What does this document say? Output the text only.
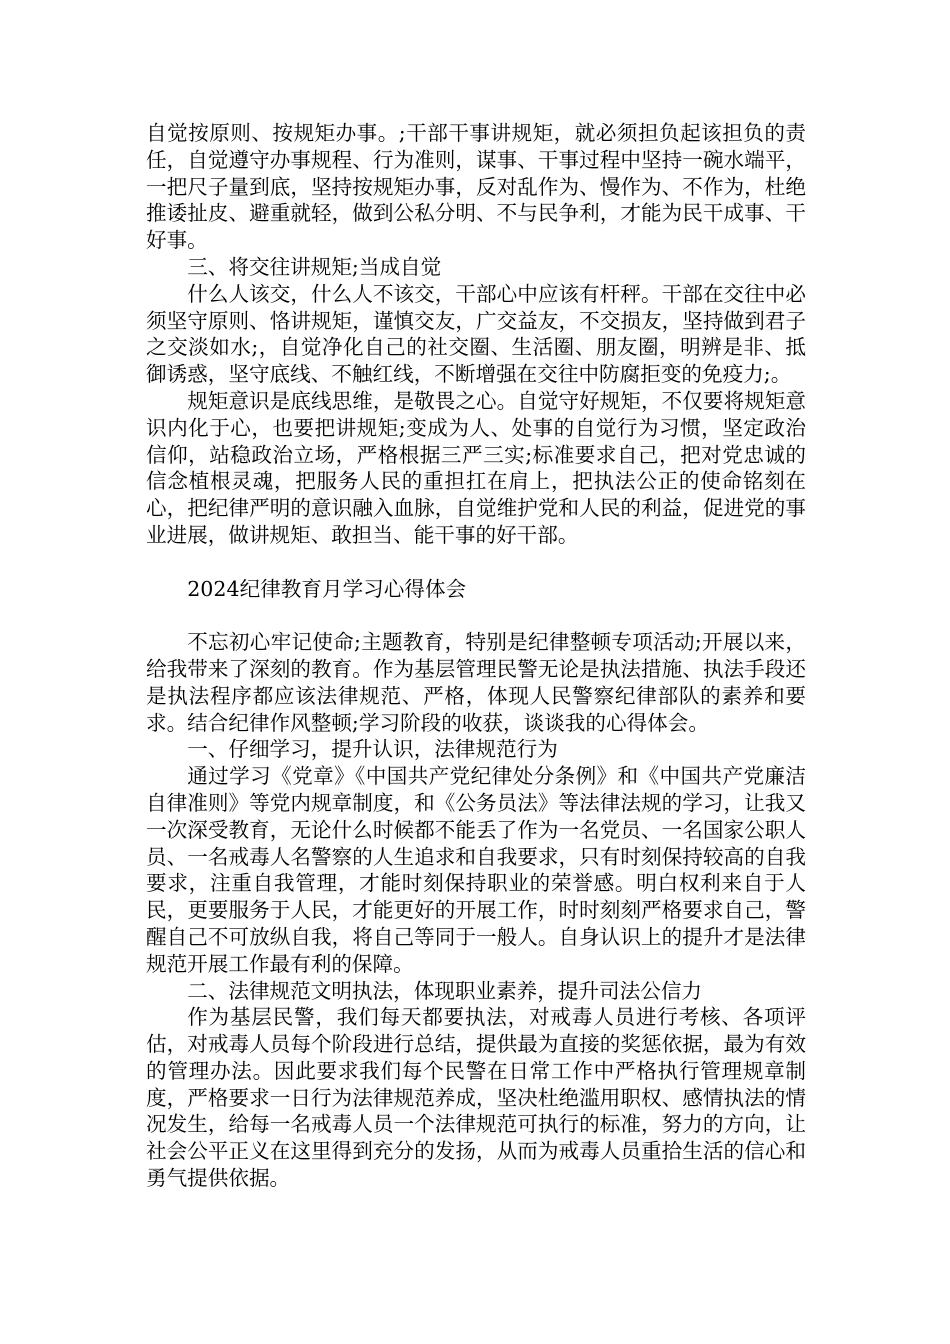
自觉按原则、按规矩办事。;干部干事讲规矩，就必须担负起该担负的责任，自觉遵守办事规程、行为准则，谋事、干事过程中坚持一碗水端平，一把尺子量到底，坚持按规矩办事，反对乱作为、慢作为、不作为，杜绝推诿扯皮、避重就轻，做到公私分明、不与民争利，才能为民干成事、干好事。

三、将交往讲规矩;当成自觉

什么人该交，什么人不该交，干部心中应该有杆秤。干部在交往中必须坚守原则、恪讲规矩，谨慎交友，广交益友，不交损友，坚持做到君子之交淡如水;，自觉净化自己的社交圈、生活圈、朋友圈，明辨是非、抵御诱惑，坚守底线、不触红线，不断增强在交往中防腐拒变的免疫力;。

规矩意识是底线思维，是敬畏之心。自觉守好规矩，不仅要将规矩意识内化于心，也要把讲规矩;变成为人、处事的自觉行为习惯，坚定政治信仰，站稳政治立场，严格根据三严三实;标准要求自己，把对党忠诚的信念植根灵魂，把服务人民的重担扛在肩上，把执法公正的使命铭刻在心，把纪律严明的意识融入血脉，自觉维护党和人民的利益，促进党的事业进展，做讲规矩、敢担当、能干事的好干部。

2024纪律教育月学习心得体会

不忘初心牢记使命;主题教育，特别是纪律整顿专项活动;开展以来，给我带来了深刻的教育。作为基层管理民警无论是执法措施、执法手段还是执法程序都应该法律规范、严格，体现人民警察纪律部队的素养和要求。结合纪律作风整顿;学习阶段的收获，谈谈我的心得体会。

一、仔细学习，提升认识，法律规范行为

通过学习《党章》《中国共产党纪律处分条例》和《中国共产党廉洁自律准则》等党内规章制度，和《公务员法》等法律法规的学习，让我又一次深受教育，无论什么时候都不能丢了作为一名党员、一名国家公职人员、一名戒毒人名警察的人生追求和自我要求，只有时刻保持较高的自我要求，注重自我管理，才能时刻保持职业的荣誉感。明白权利来自于人民，更要服务于人民，才能更好的开展工作，时时刻刻严格要求自己，警醒自己不可放纵自我，将自己等同于一般人。自身认识上的提升才是法律规范开展工作最有利的保障。

二、法律规范文明执法，体现职业素养，提升司法公信力

作为基层民警，我们每天都要执法，对戒毒人员进行考核、各项评估，对戒毒人员每个阶段进行总结，提供最为直接的奖惩依据，最为有效的管理办法。因此要求我们每个民警在日常工作中严格执行管理规章制度，严格要求一日行为法律规范养成，坚决杜绝滥用职权、感情执法的情况发生，给每一名戒毒人员一个法律规范可执行的标准，努力的方向，让社会公平正义在这里得到充分的发扬，从而为戒毒人员重拾生活的信心和勇气提供依据。
